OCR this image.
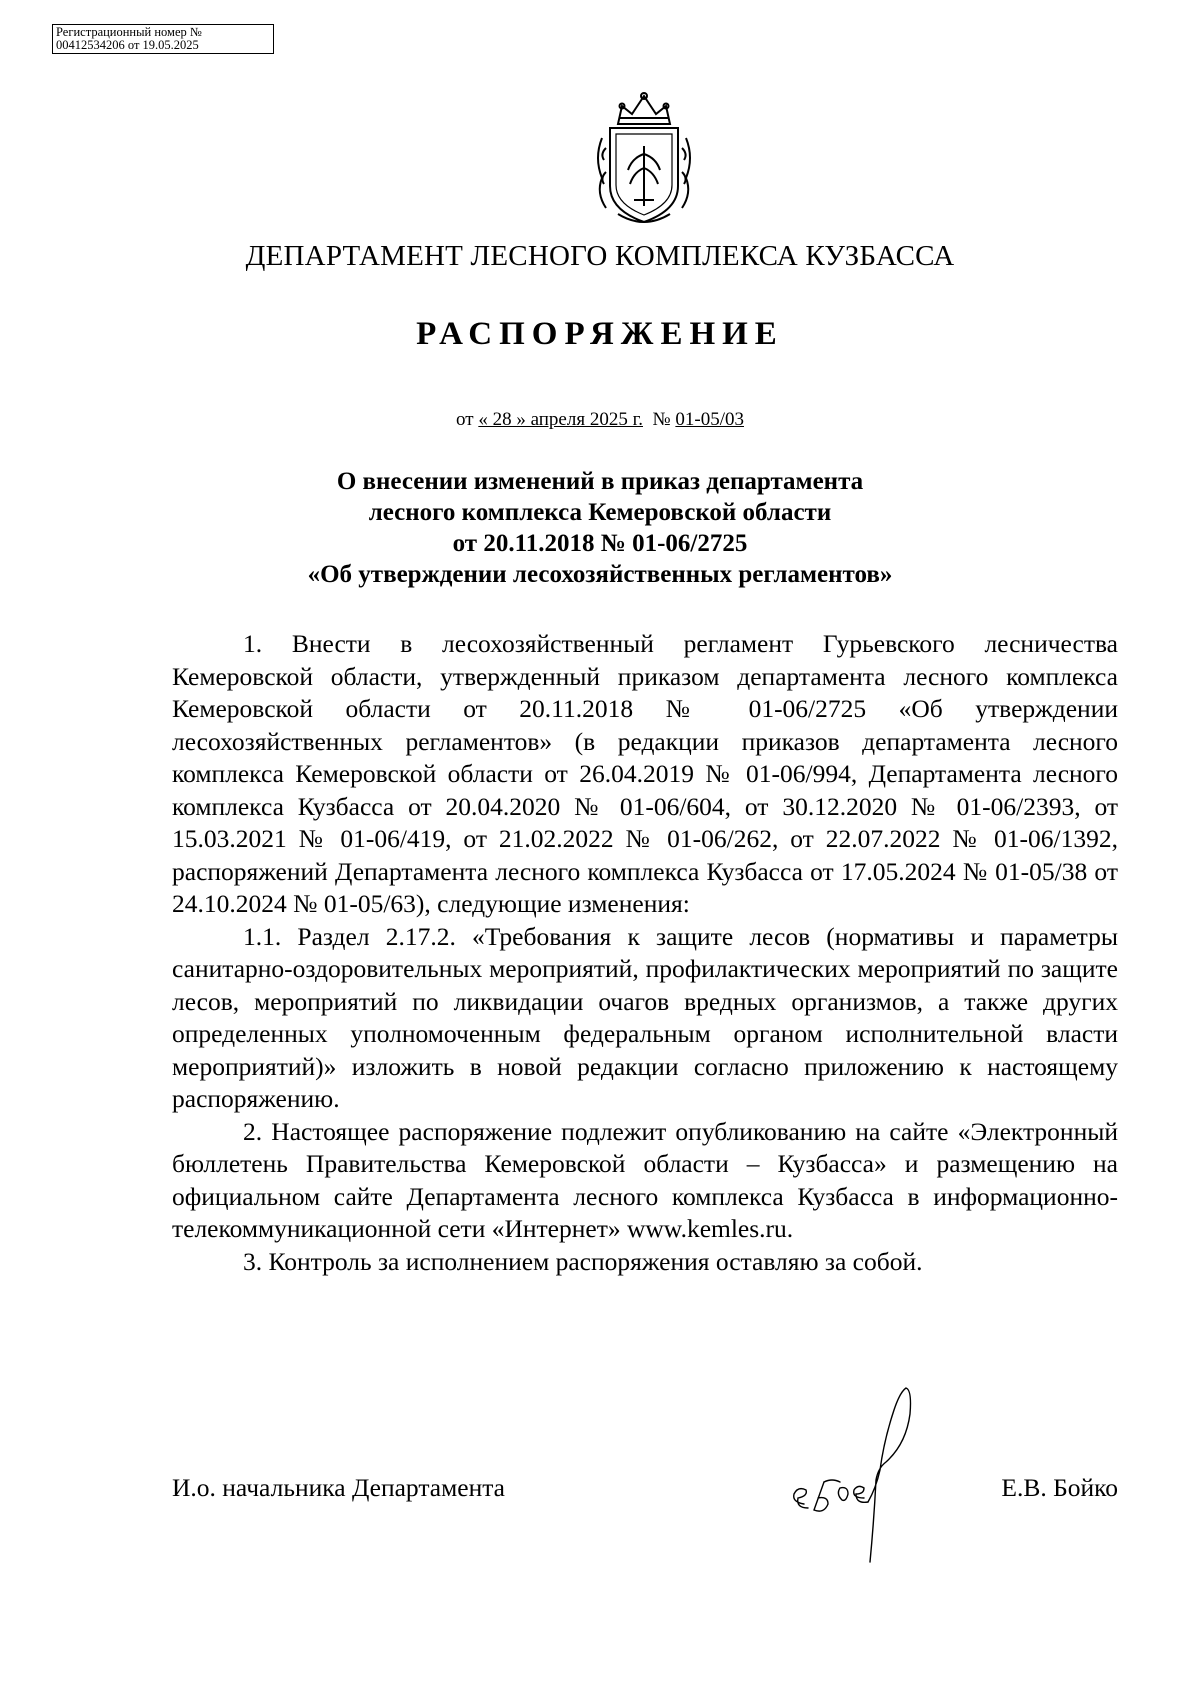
Регистрационный номер №
00412534206 от 19.05.2025
ДЕПАРТАМЕНТ ЛЕСНОГО КОМПЛЕКСА КУЗБАССА
РАСПОРЯЖЕНИЕ
от « 28 » апреля 2025 г. № 01-05/03
О внесении изменений в приказ департамента
лесного комплекса Кемеровской области
от 20.11.2018 № 01-06/2725
«Об утверждении лесохозяйственных регламентов»

1. Внести в лесохозяйственный регламент Гурьевского лесничества Кемеровской области, утвержденный приказом департамента лесного комплекса Кемеровской области от 20.11.2018 № 01-06/2725 «Об утверждении лесохозяйственных регламентов» (в редакции приказов департамента лесного комплекса Кемеровской области от 26.04.2019 № 01-06/994, Департамента лесного комплекса Кузбасса от 20.04.2020 № 01-06/604, от 30.12.2020 № 01-06/2393, от 15.03.2021 № 01-06/419, от 21.02.2022 № 01-06/262, от 22.07.2022 № 01-06/1392, распоряжений Департамента лесного комплекса Кузбасса от 17.05.2024 № 01-05/38 от 24.10.2024 № 01-05/63), следующие изменения:

1.1. Раздел 2.17.2. «Требования к защите лесов (нормативы и параметры санитарно-оздоровительных мероприятий, профилактических мероприятий по защите лесов, мероприятий по ликвидации очагов вредных организмов, а также других определенных уполномоченным федеральным органом исполнительной власти мероприятий)» изложить в новой редакции согласно приложению к настоящему распоряжению.

2. Настоящее распоряжение подлежит опубликованию на сайте «Электронный бюллетень Правительства Кемеровской области – Кузбасса» и размещению на официальном сайте Департамента лесного комплекса Кузбасса в информационно-телекоммуникационной сети «Интернет» www.kemles.ru.

3. Контроль за исполнением распоряжения оставляю за собой.

И.о. начальника Департамента	Е.В. Бойко
